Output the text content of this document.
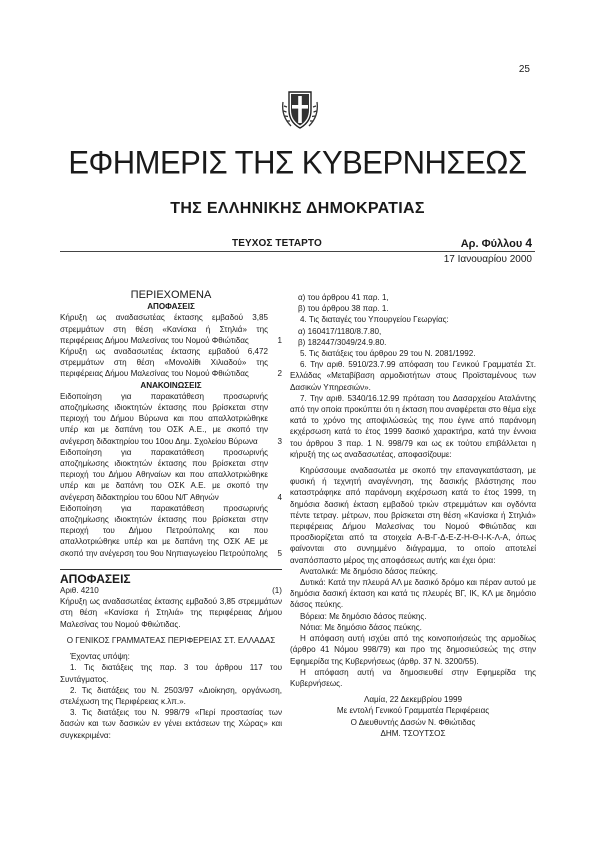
25
ΕΦΗΜΕΡΙΣ ΤΗΣ ΚΥΒΕΡΝΗΣΕΩΣ
ΤΗΣ ΕΛΛΗΝΙΚΗΣ ΔΗΜΟΚΡΑΤΙΑΣ
ΤΕΥΧΟΣ ΤΕΤΑΡΤΟ	Αρ. Φύλλου 4
17 Ιανουαρίου 2000

ΠΕΡΙΕΧΟΜΕΝΑ

ΑΠΟΦΑΣΕΙΣ

Κήρυξη ως αναδασωτέας έκτασης εμβαδού 3,85 στρεμμάτων στη θέση «Κανίσκα ή Στηλιά» της περιφέρειας Δήμου Μαλεσίνας του Νομού Φθιώτιδας	1

Κήρυξη ως αναδασωτέας έκτασης εμβαδού 6,472 στρεμμάτων στη θέση «Μονολίθι Χιλιαδού» της περιφέρειας Δήμου Μαλεσίνας του Νομού Φθιώτιδας	2

ΑΝΑΚΟΙΝΩΣΕΙΣ

Ειδοποίηση για παρακατάθεση προσωρινής αποζημίωσης ιδιοκτητών έκτασης που βρίσκεται στην περιοχή του Δήμου Βύρωνα και που απαλλοτριώθηκε υπέρ και με δαπάνη του ΟΣΚ Α.Ε., με σκοπό την ανέγερση διδακτηρίου του 10ου Δημ. Σχολείου Βύρωνα	3

Ειδοποίηση για παρακατάθεση προσωρινής αποζημίωσης ιδιοκτητών έκτασης που βρίσκεται στην περιοχή του Δήμου Αθηναίων και που απαλλοτριώθηκε υπέρ και με δαπάνη του ΟΣΚ Α.Ε. με σκοπό την ανέγερση διδακτηρίου του 60ου Ν/Γ Αθηνών	4

Ειδοποίηση για παρακατάθεση προσωρινής αποζημίωσης ιδιοκτητών έκτασης που βρίσκεται στην περιοχή του Δήμου Πετρούπολης και που απαλλοτριώθηκε υπέρ και με δαπάνη της ΟΣΚ ΑΕ με σκοπό την ανέγερση του 9ου Νηπιαγωγείου Πετρούπολης 5

ΑΠΟΦΑΣΕΙΣ

Αριθ. 4210	(1)

Κήρυξη ως αναδασωτέας έκτασης εμβαδού 3,85 στρεμμάτων στη θέση «Κανίσκα ή Στηλιά» της περιφέρειας Δήμου Μαλεσίνας του Νομού Φθιώτιδας.

Ο ΓΕΝΙΚΟΣ ΓΡΑΜΜΑΤΕΑΣ ΠΕΡΙΦΕΡΕΙΑΣ ΣΤ. ΕΛΛΑΔΑΣ

Έχοντας υπόψη:

1. Τις διατάξεις της παρ. 3 του άρθρου 117 του Συντάγματος.

2. Τις διατάξεις του Ν. 2503/97 «Διοίκηση, οργάνωση, στελέχωση της Περιφέρειας κ.λπ.».

3. Τις διατάξεις του Ν. 998/79 «Περί προστασίας των δασών και των δασικών εν γένει εκτάσεων της Χώρας» και συγκεκριμένα:

α) του άρθρου 41 παρ. 1,

β) του άρθρου 38 παρ. 1.

4. Τις διαταγές του Υπουργείου Γεωργίας:

α) 160417/1180/8.7.80,

β) 182447/3049/24.9.80.

5. Τις διατάξεις του άρθρου 29 του Ν. 2081/1992.

6. Την αριθ. 5910/23.7.99 απόφαση του Γενικού Γραμματέα Στ. Ελλάδας «Μεταβίβαση αρμοδιοτήτων στους Προϊσταμένους των Δασικών Υπηρεσιών».

7. Την αριθ. 5340/16.12.99 πρόταση του Δασαρχείου Αταλάντης από την οποία προκύπτει ότι η έκταση που αναφέρεται στο θέμα είχε κατά το χρόνο της αποψιλώσεώς της που έγινε από παράνομη εκχέρσωση κατά το έτος 1999 δασικό χαρακτήρα, κατά την έννοια του άρθρου 3 παρ. 1 Ν. 998/79 και ως εκ τούτου επιβάλλεται η κήρυξή της ως αναδασωτέας, αποφασίζουμε:

Κηρύσσουμε αναδασωτέα με σκοπό την επαναγκατάσταση, με φυσική ή τεχνητή αναγέννηση, της δασικής βλάστησης που καταστράφηκε από παράνομη εκχέρσωση κατά το έτος 1999, τη δημόσια δασική έκταση εμβαδού τριών στρεμμάτων και ογδόντα πέντε τετραγ. μέτρων, που βρίσκεται στη θέση «Κανίσκα ή Στηλιά» περιφέρειας Δήμου Μαλεσίνας του Νομού Φθιώτιδας και προσδιορίζεται από τα στοιχεία Α-Β-Γ-Δ-Ε-Ζ-Η-Θ-Ι-Κ-Λ-Α, όπως φαίνονται στο συνημμένο διάγραμμα, το οποίο αποτελεί αναπόσπαστο μέρος της αποφάσεως αυτής και έχει όρια:

Ανατολικά: Με δημόσιο δάσος πεύκης.

Δυτικά: Κατά την πλευρά ΑΛ με δασικό δρόμο και πέραν αυτού με δημόσια δασική έκταση και κατά τις πλευρές ΒΓ, ΙΚ, ΚΛ με δημόσιο δάσος πεύκης.

Βόρεια: Με δημόσιο δάσος πεύκης.

Νότια: Με δημόσιο δάσος πεύκης.

Η απόφαση αυτή ισχύει από της κοινοποιήσεώς της αρμοδίως (άρθρο 41 Νόμου 998/79) και προ της δημοσιεύσεώς της στην Εφημερίδα της Κυβερνήσεως (άρθρ. 37 Ν. 3200/55).

Η απόφαση αυτή να δημοσιευθεί στην Εφημερίδα της Κυβερνήσεως.

Λαμία, 22 Δεκεμβρίου 1999

Με εντολή Γενικού Γραμματέα Περιφέρειας

Ο Διευθυντής Δασών Ν. Φθιώτιδας

ΔΗΜ. ΤΣΟΥΤΣΟΣ
